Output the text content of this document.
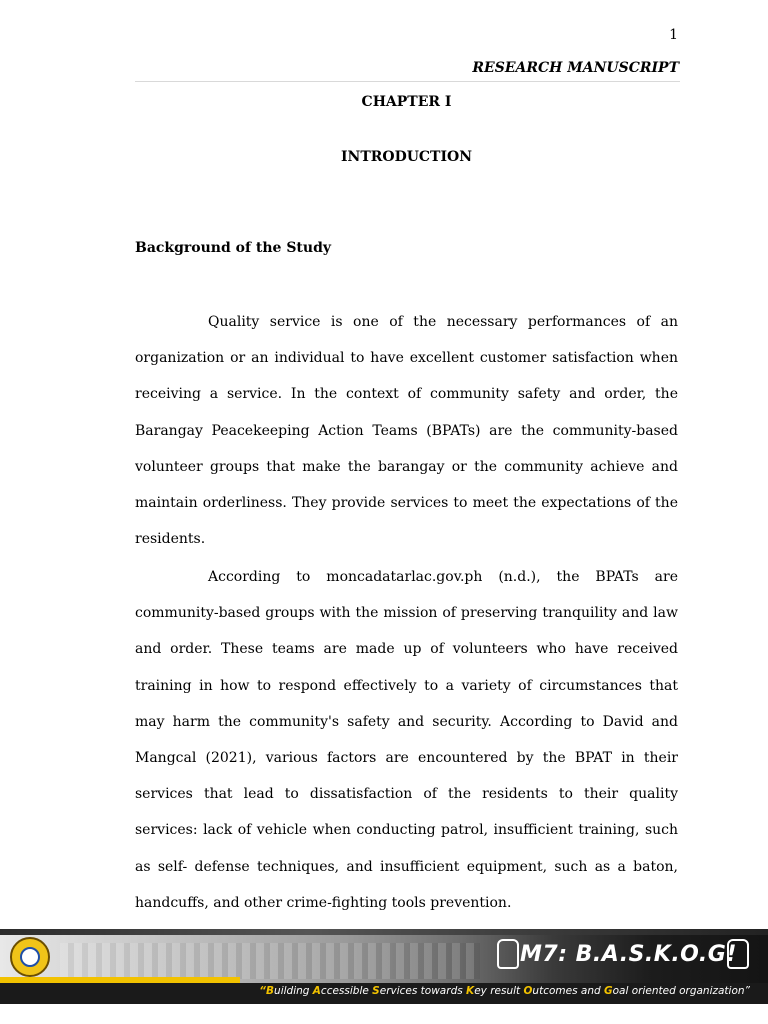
1
RESEARCH MANUSCRIPT
CHAPTER I
INTRODUCTION
Background of the Study

Quality service is one of the necessary performances of an organization or an individual to have excellent customer satisfaction when receiving a service. In the context of community safety and order, the Barangay Peacekeeping Action Teams (BPATs) are the community-based volunteer groups that make the barangay or the community achieve and maintain orderliness. They provide services to meet the expectations of the residents.

According to moncadatarlac.gov.ph (n.d.), the BPATs are community-based groups with the mission of preserving tranquility and law and order. These teams are made up of volunteers who have received training in how to respond effectively to a variety of circumstances that may harm the community's safety and security. According to David and Mangcal (2021), various factors are encountered by the BPAT in their services that lead to dissatisfaction of the residents to their quality services: lack of vehicle when conducting patrol, insufficient training, such as self- defense techniques, and insufficient equipment, such as a baton, handcuffs, and other crime-fighting tools prevention.

M7: B.A.S.K.O.G!
“Building Accessible Services towards Key result Outcomes and Goal oriented organization”
